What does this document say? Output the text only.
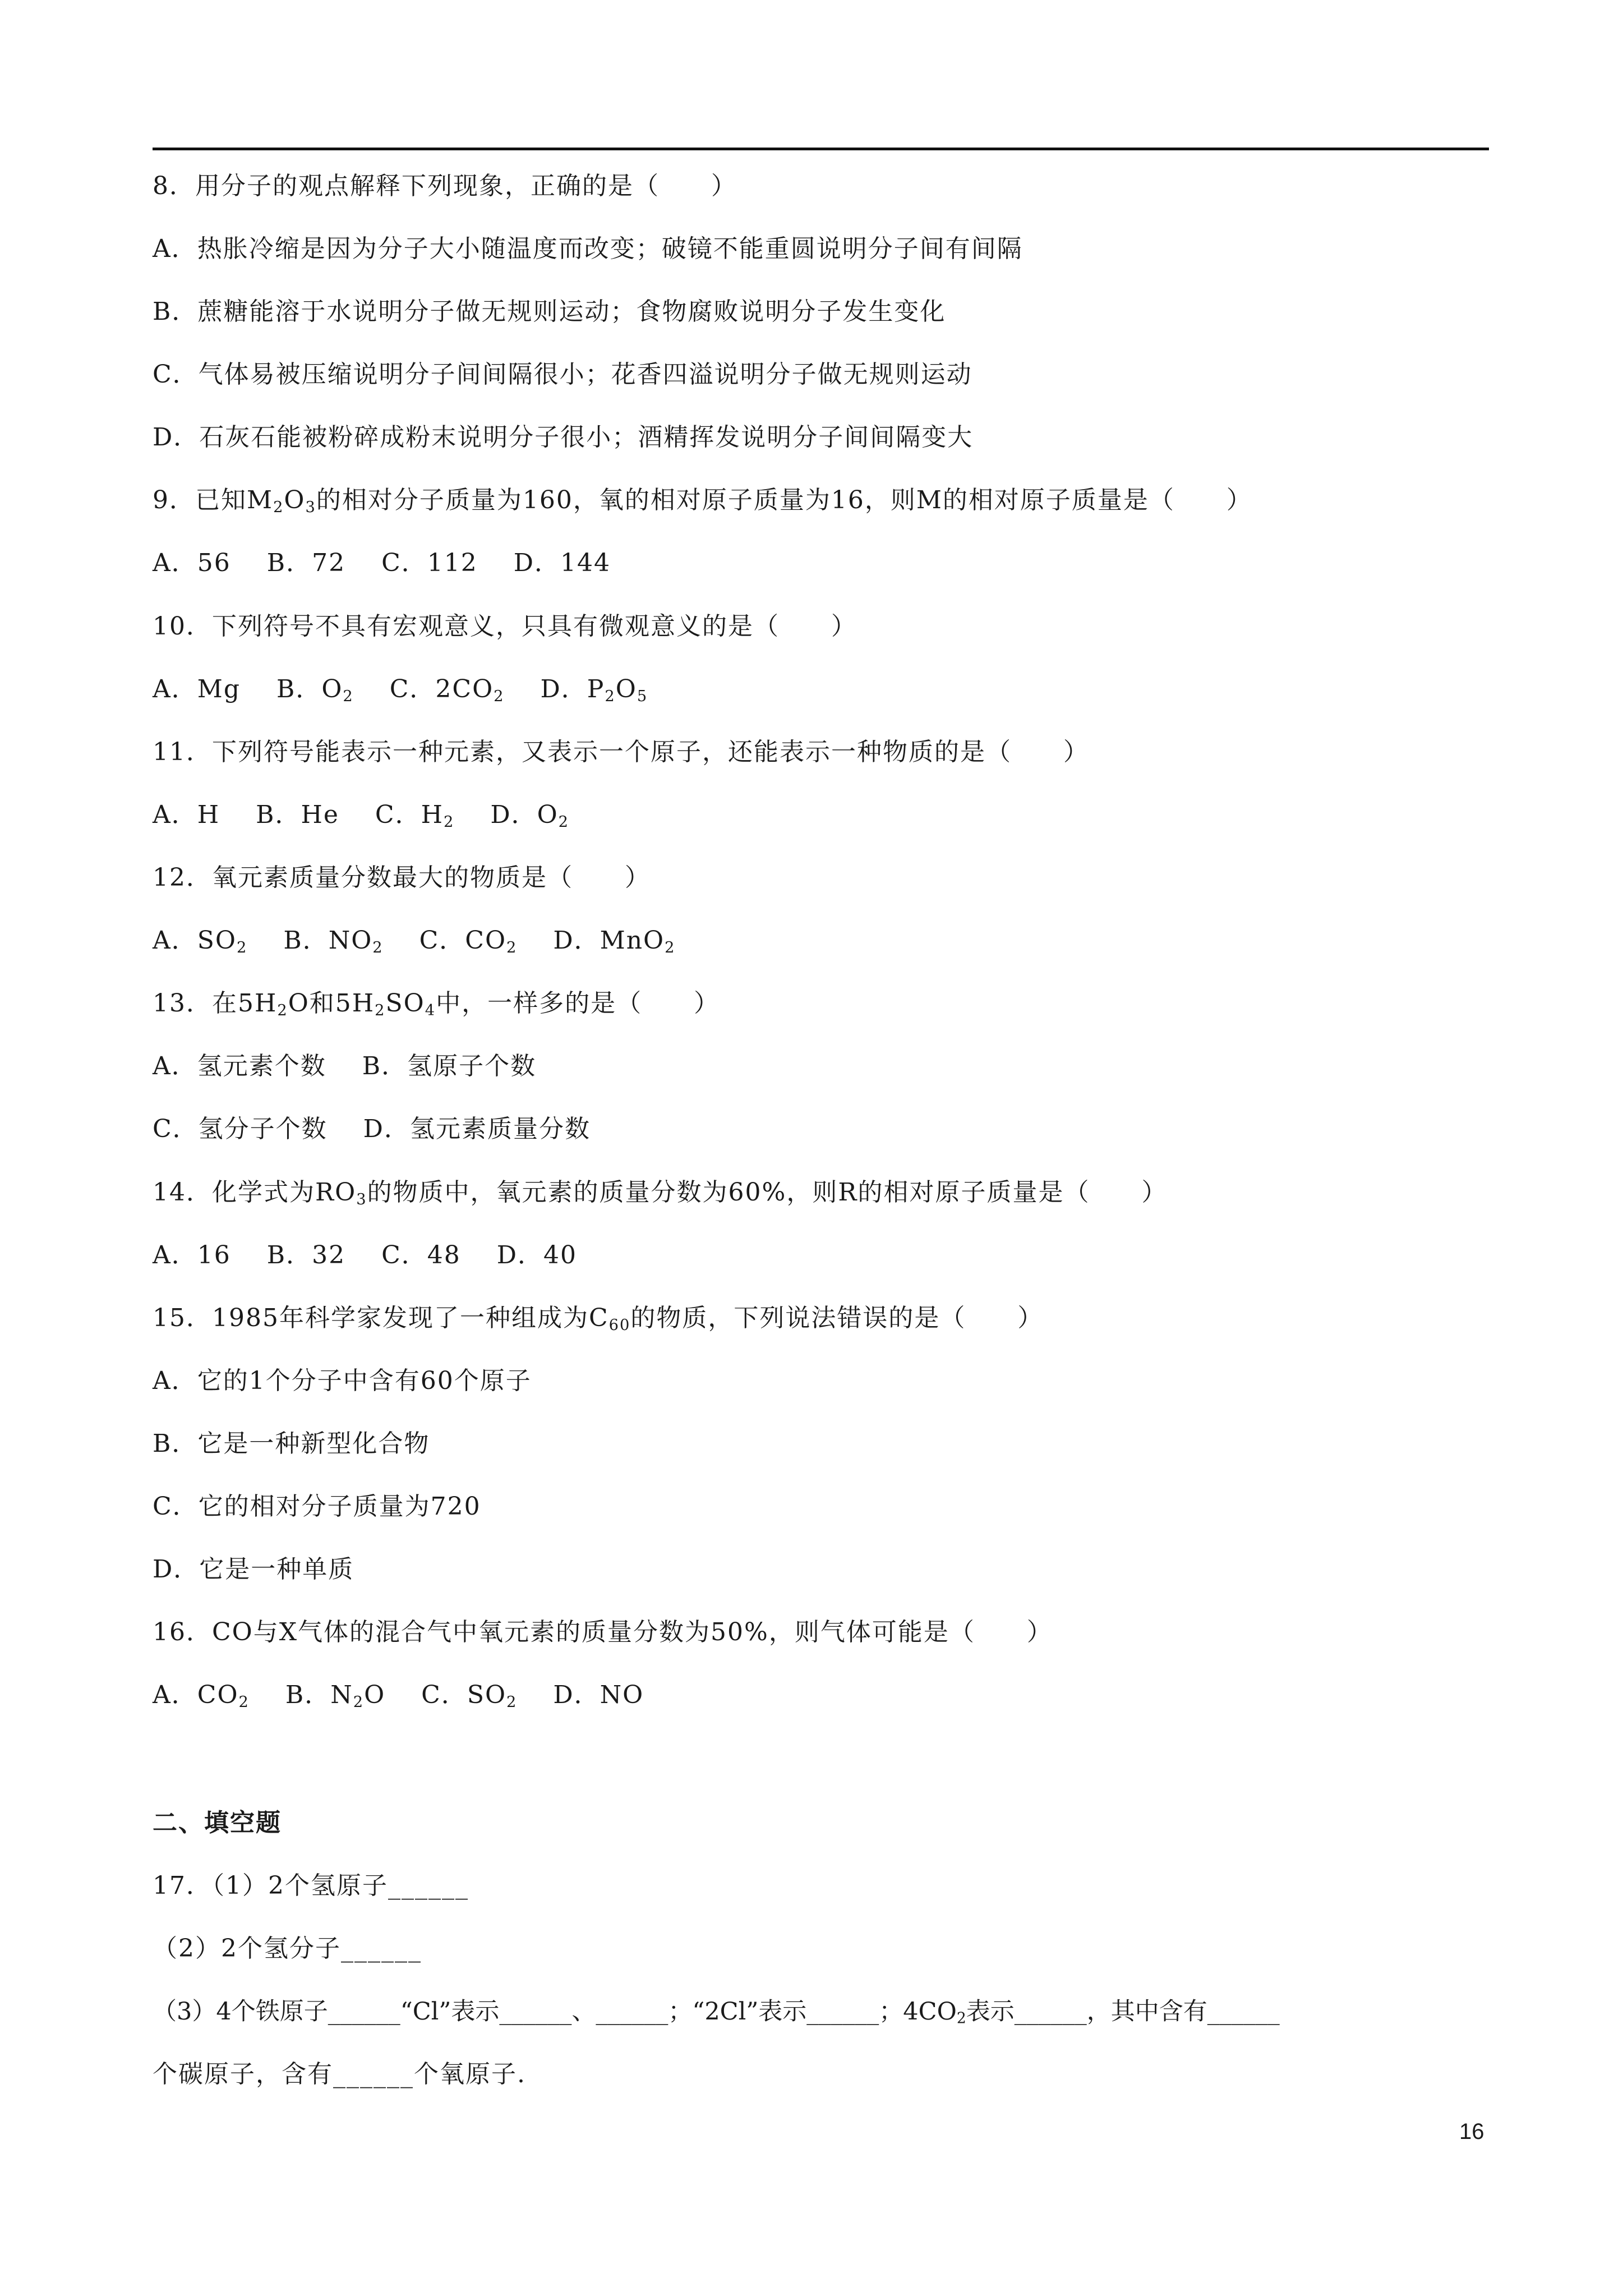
8．用分子的观点解释下列现象，正确的是（　　）
A．热胀冷缩是因为分子大小随温度而改变；破镜不能重圆说明分子间有间隔
B．蔗糖能溶于水说明分子做无规则运动；食物腐败说明分子发生变化
C．气体易被压缩说明分子间间隔很小；花香四溢说明分子做无规则运动
D．石灰石能被粉碎成粉末说明分子很小；酒精挥发说明分子间间隔变大
9．已知$M_2O_3$的相对分子质量为160，氧的相对原子质量为16，则M的相对原子质量是（　　）
A．56 B．72 C．112 D．144
10．下列符号不具有宏观意义，只具有微观意义的是（　　）
A．Mg B．$O_2$ C．$2CO_2$ D．$P_2O_5$
11．下列符号能表示一种元素，又表示一个原子，还能表示一种物质的是（　　）
A．H B．He C．$H_2$ D．$O_2$
12．氧元素质量分数最大的物质是（　　）
A．$SO_2$ B．$NO_2$ C．$CO_2$ D．MnO$_2$
13．在$5H_2O$和$5H_2SO_4$中，一样多的是（　　）
A．氢元素个数 B．氢原子个数
C．氢分子个数 D．氢元素质量分数
14．化学式为$RO_3$的物质中，氧元素的质量分数为60%，则R的相对原子质量是（　　）
A．16 B．32 C．48 D．40
15．1985年科学家发现了一种组成为$C_{60}$的物质，下列说法错误的是（　　）
A．它的1个分子中含有60个原子
B．它是一种新型化合物
C．它的相对分子质量为720
D．它是一种单质
16．CO与X气体的混合气中氧元素的质量分数为50%，则气体可能是（　　）
A．$CO_2$ B．$N_2O$ C．$SO_2$ D．NO
二、填空题
17．（1）2个氢原子______
（2）2个氢分子______
（3）4个铁原子______“Cl”表示______、______；“2Cl”表示______；$4CO_2$表示______，其中含有______
个碳原子，含有______个氧原子.
16
